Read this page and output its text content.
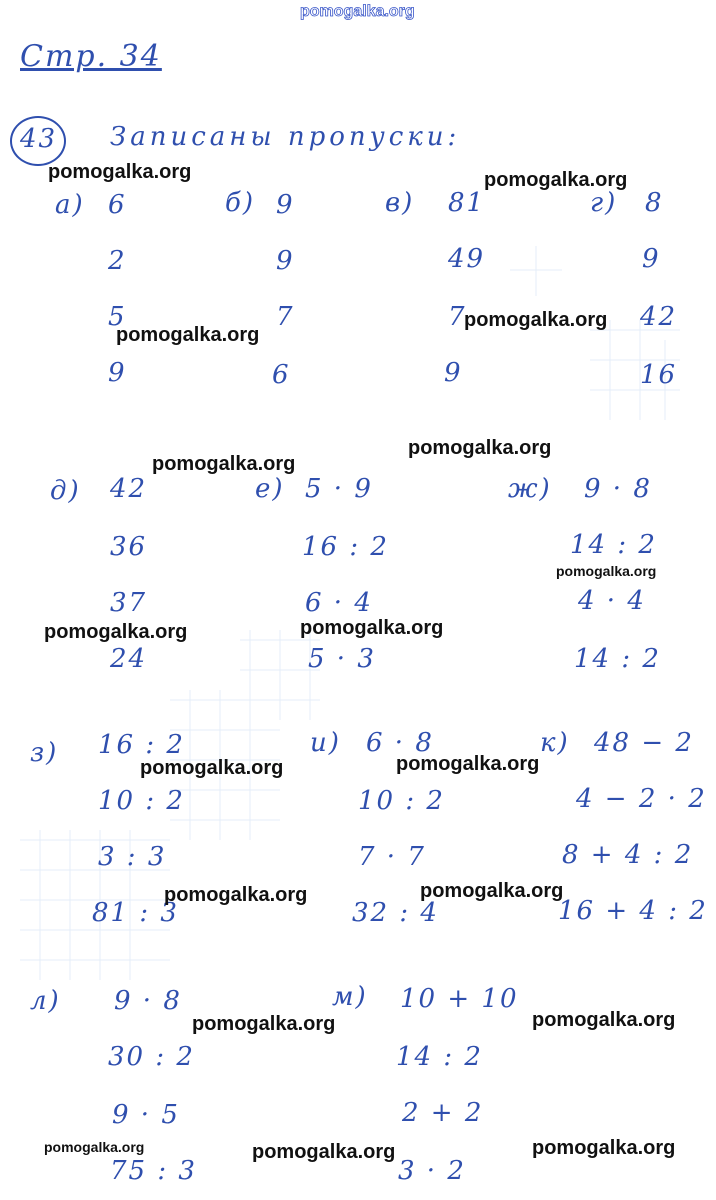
pomogalka.org
Стр. 34
43 Записаны пропуски:
а) 6
2
5
9
б) 9
9
7
6
в) 81
49
7
9
г) 8
9
42
16
д) 42
36
37
24
е) 5 · 9
16 : 2
6 · 4
5 · 3
ж) 9 · 8
14 : 2
4 · 4
14 : 2
з) 16 : 2
10 : 2
3 : 3
81 : 3
и) 6 · 8
10 : 2
7 · 7
32 : 4
к) 48 − 2
4 − 2 · 2
8 + 4 : 2
16 + 4 : 2
л) 9 · 8
30 : 2
9 · 5
75 : 3
м) 10 + 10
14 : 2
2 + 2
3 · 2
pomogalka.org	pomogalka.org
pomogalka.org
pomogalka.org
pomogalka.org
pomogalka.org
pomogalka.org
pomogalka.org	pomogalka.org
pomogalka.org	pomogalka.org
pomogalka.org	pomogalka.org
pomogalka.org	pomogalka.org
pomogalka.org	pomogalka.org	pomogalka.org
